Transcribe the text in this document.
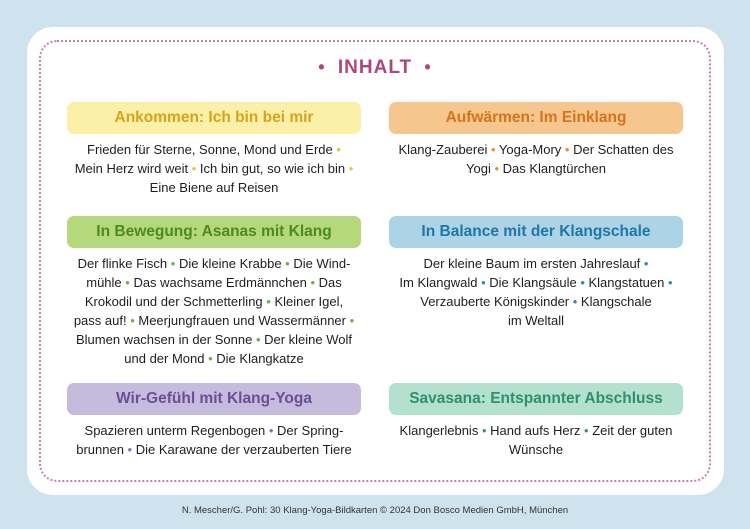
• INHALT •
Ankommen: Ich bin bei mir
Frieden für Sterne, Sonne, Mond und Erde •
Mein Herz wird weit • Ich bin gut, so wie ich bin •
Eine Biene auf Reisen
Aufwärmen: Im Einklang
Klang-Zauberei • Yoga-Mory • Der Schatten des
Yogi • Das Klangtürchen
In Bewegung: Asanas mit Klang
Der flinke Fisch • Die kleine Krabbe • Die Wind-
mühle • Das wachsame Erdmännchen • Das
Krokodil und der Schmetterling • Kleiner Igel,
pass auf! • Meerjungfrauen und Wassermänner •
Blumen wachsen in der Sonne • Der kleine Wolf
und der Mond • Die Klangkatze
In Balance mit der Klangschale
Der kleine Baum im ersten Jahreslauf •
Im Klangwald • Die Klangsäule • Klangstatuen •
Verzauberte Königskinder • Klangschale
im Weltall
Wir-Gefühl mit Klang-Yoga
Spazieren unterm Regenbogen • Der Spring-
brunnen • Die Karawane der verzauberten Tiere
Savasana: Entspannter Abschluss
Klangerlebnis • Hand aufs Herz • Zeit der guten
Wünsche
N. Mescher/G. Pohl: 30 Klang-Yoga-Bildkarten © 2024 Don Bosco Medien GmbH, München
